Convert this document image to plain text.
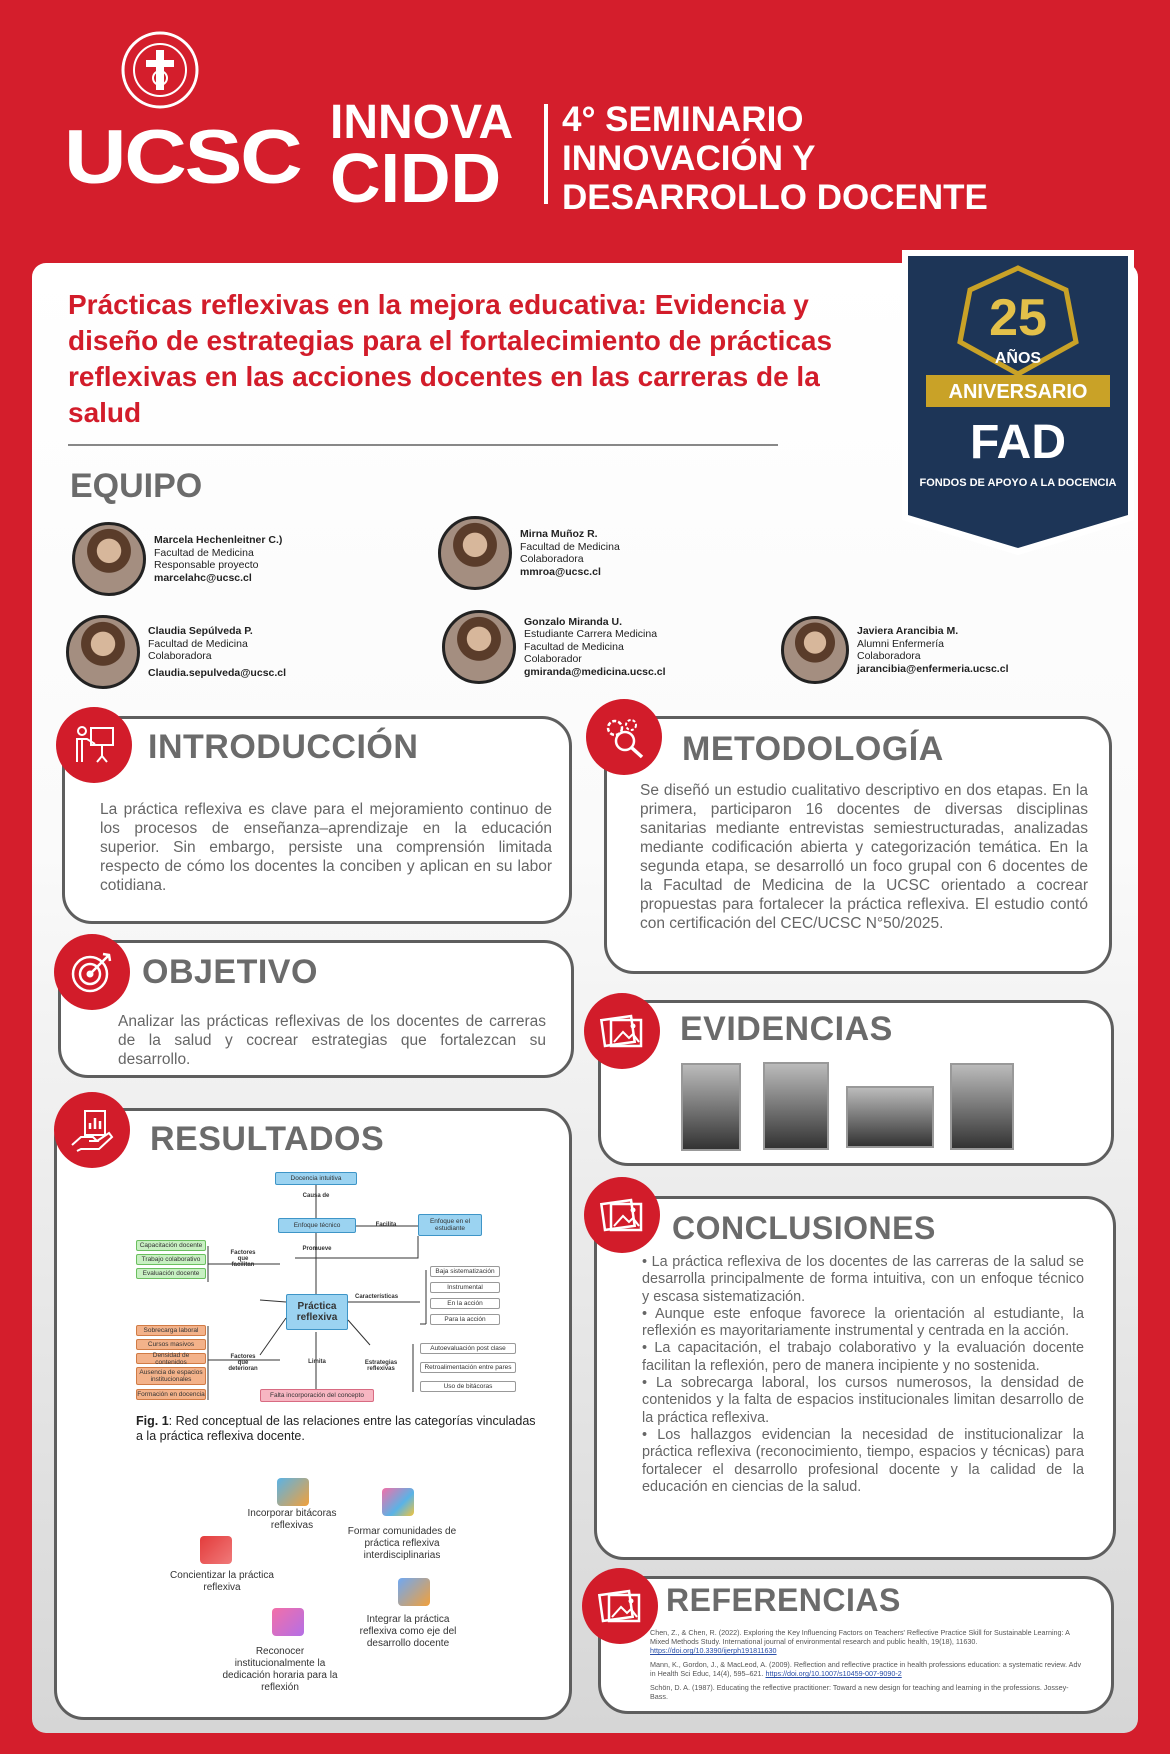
UCSC INNOVA
CIDD
4° SEMINARIO
INNOVACIÓN Y
DESARROLLO DOCENTE
25
AÑOS
ANIVERSARIO
FAD
FONDOS DE APOYO A LA DOCENCIA
Prácticas reflexivas en la mejora educativa: Evidencia y diseño de estrategias para el fortalecimiento de prácticas reflexivas en las acciones docentes en las carreras de la salud
EQUIPO
Marcela Hechenleitner C.)
Facultad de Medicina
Responsable proyecto
marcelahc@ucsc.cl
Mirna Muñoz R.
Facultad de Medicina
Colaboradora
mmroa@ucsc.cl
Claudia Sepúlveda P.
Facultad de Medicina
Colaboradora
Claudia.sepulveda@ucsc.cl
Gonzalo Miranda U.
Estudiante Carrera Medicina
Facultad de Medicina
Colaborador
gmiranda@medicina.ucsc.cl
Javiera Arancibia M.
Alumni Enfermería
Colaboradora
jarancibia@enfermeria.ucsc.cl
INTRODUCCIÓN
La práctica reflexiva es clave para el mejoramiento continuo de los procesos de enseñanza–aprendizaje en la educación superior. Sin embargo, persiste una comprensión limitada respecto de cómo los docentes la conciben y aplican en su labor cotidiana.
OBJETIVO
Analizar las prácticas reflexivas de los docentes de carreras de la salud y cocrear estrategias que fortalezcan su desarrollo.
RESULTADOS
Docencia intuitiva
Causa de
Enfoque técnico	Facilita	Enfoque en el estudiante
Promueve
Práctica reflexiva
Factores que facilitan
Capacitación docente
Trabajo colaborativo
Evaluación docente
Factores que deterioran
Sobrecarga laboral
Cursos masivos
Densidad de contenidos
Ausencia de espacios institucionales
Formación en docencia
Características
Baja sistematización
Instrumental
En la acción
Para la acción
Estrategias reflexivas
Autoevaluación post clase
Retroalimentación entre pares
Uso de bitácoras
Limita
Falta incorporación del concepto
Fig. 1: Red conceptual de las relaciones entre las categorías vinculadas a la práctica reflexiva docente.
Incorporar bitácoras reflexivas
Formar comunidades de práctica reflexiva interdisciplinarias
Concientizar la práctica reflexiva
Integrar la práctica reflexiva como eje del desarrollo docente
Reconocer institucionalmente la dedicación horaria para la reflexión
METODOLOGÍA
Se diseñó un estudio cualitativo descriptivo en dos etapas. En la primera, participaron 16 docentes de diversas disciplinas sanitarias mediante entrevistas semiestructuradas, analizadas mediante codificación abierta y categorización temática. En la segunda etapa, se desarrolló un foco grupal con 6 docentes de la Facultad de Medicina de la UCSC orientado a cocrear propuestas para fortalecer la práctica reflexiva. El estudio contó con certificación del CEC/UCSC N°50/2025.
EVIDENCIAS
CONCLUSIONES

• La práctica reflexiva de los docentes de las carreras de la salud se desarrolla principalmente de forma intuitiva, con un enfoque técnico y escasa sistematización.

• Aunque este enfoque favorece la orientación al estudiante, la reflexión es mayoritariamente instrumental y centrada en la acción.

• La capacitación, el trabajo colaborativo y la evaluación docente facilitan la reflexión, pero de manera incipiente y no sostenida.

• La sobrecarga laboral, los cursos numerosos, la densidad de contenidos y la falta de espacios institucionales limitan desarrollo de la práctica reflexiva.

• Los hallazgos evidencian la necesidad de institucionalizar la práctica reflexiva (reconocimiento, tiempo, espacios y técnicas) para fortalecer el desarrollo profesional docente y la calidad de la educación en ciencias de la salud.

REFERENCIAS
Chen, Z., & Chen, R. (2022). Exploring the Key Influencing Factors on Teachers' Reflective Practice Skill for Sustainable Learning: A Mixed Methods Study. International journal of environmental research and public health, 19(18), 11630. https://doi.org/10.3390/ijerph191811630
Mann, K., Gordon, J., & MacLeod, A. (2009). Reflection and reflective practice in health professions education: a systematic review. Adv in Health Sci Educ, 14(4), 595–621. https://doi.org/10.1007/s10459-007-9090-2
Schön, D. A. (1987). Educating the reflective practitioner: Toward a new design for teaching and learning in the professions. Jossey-Bass.
